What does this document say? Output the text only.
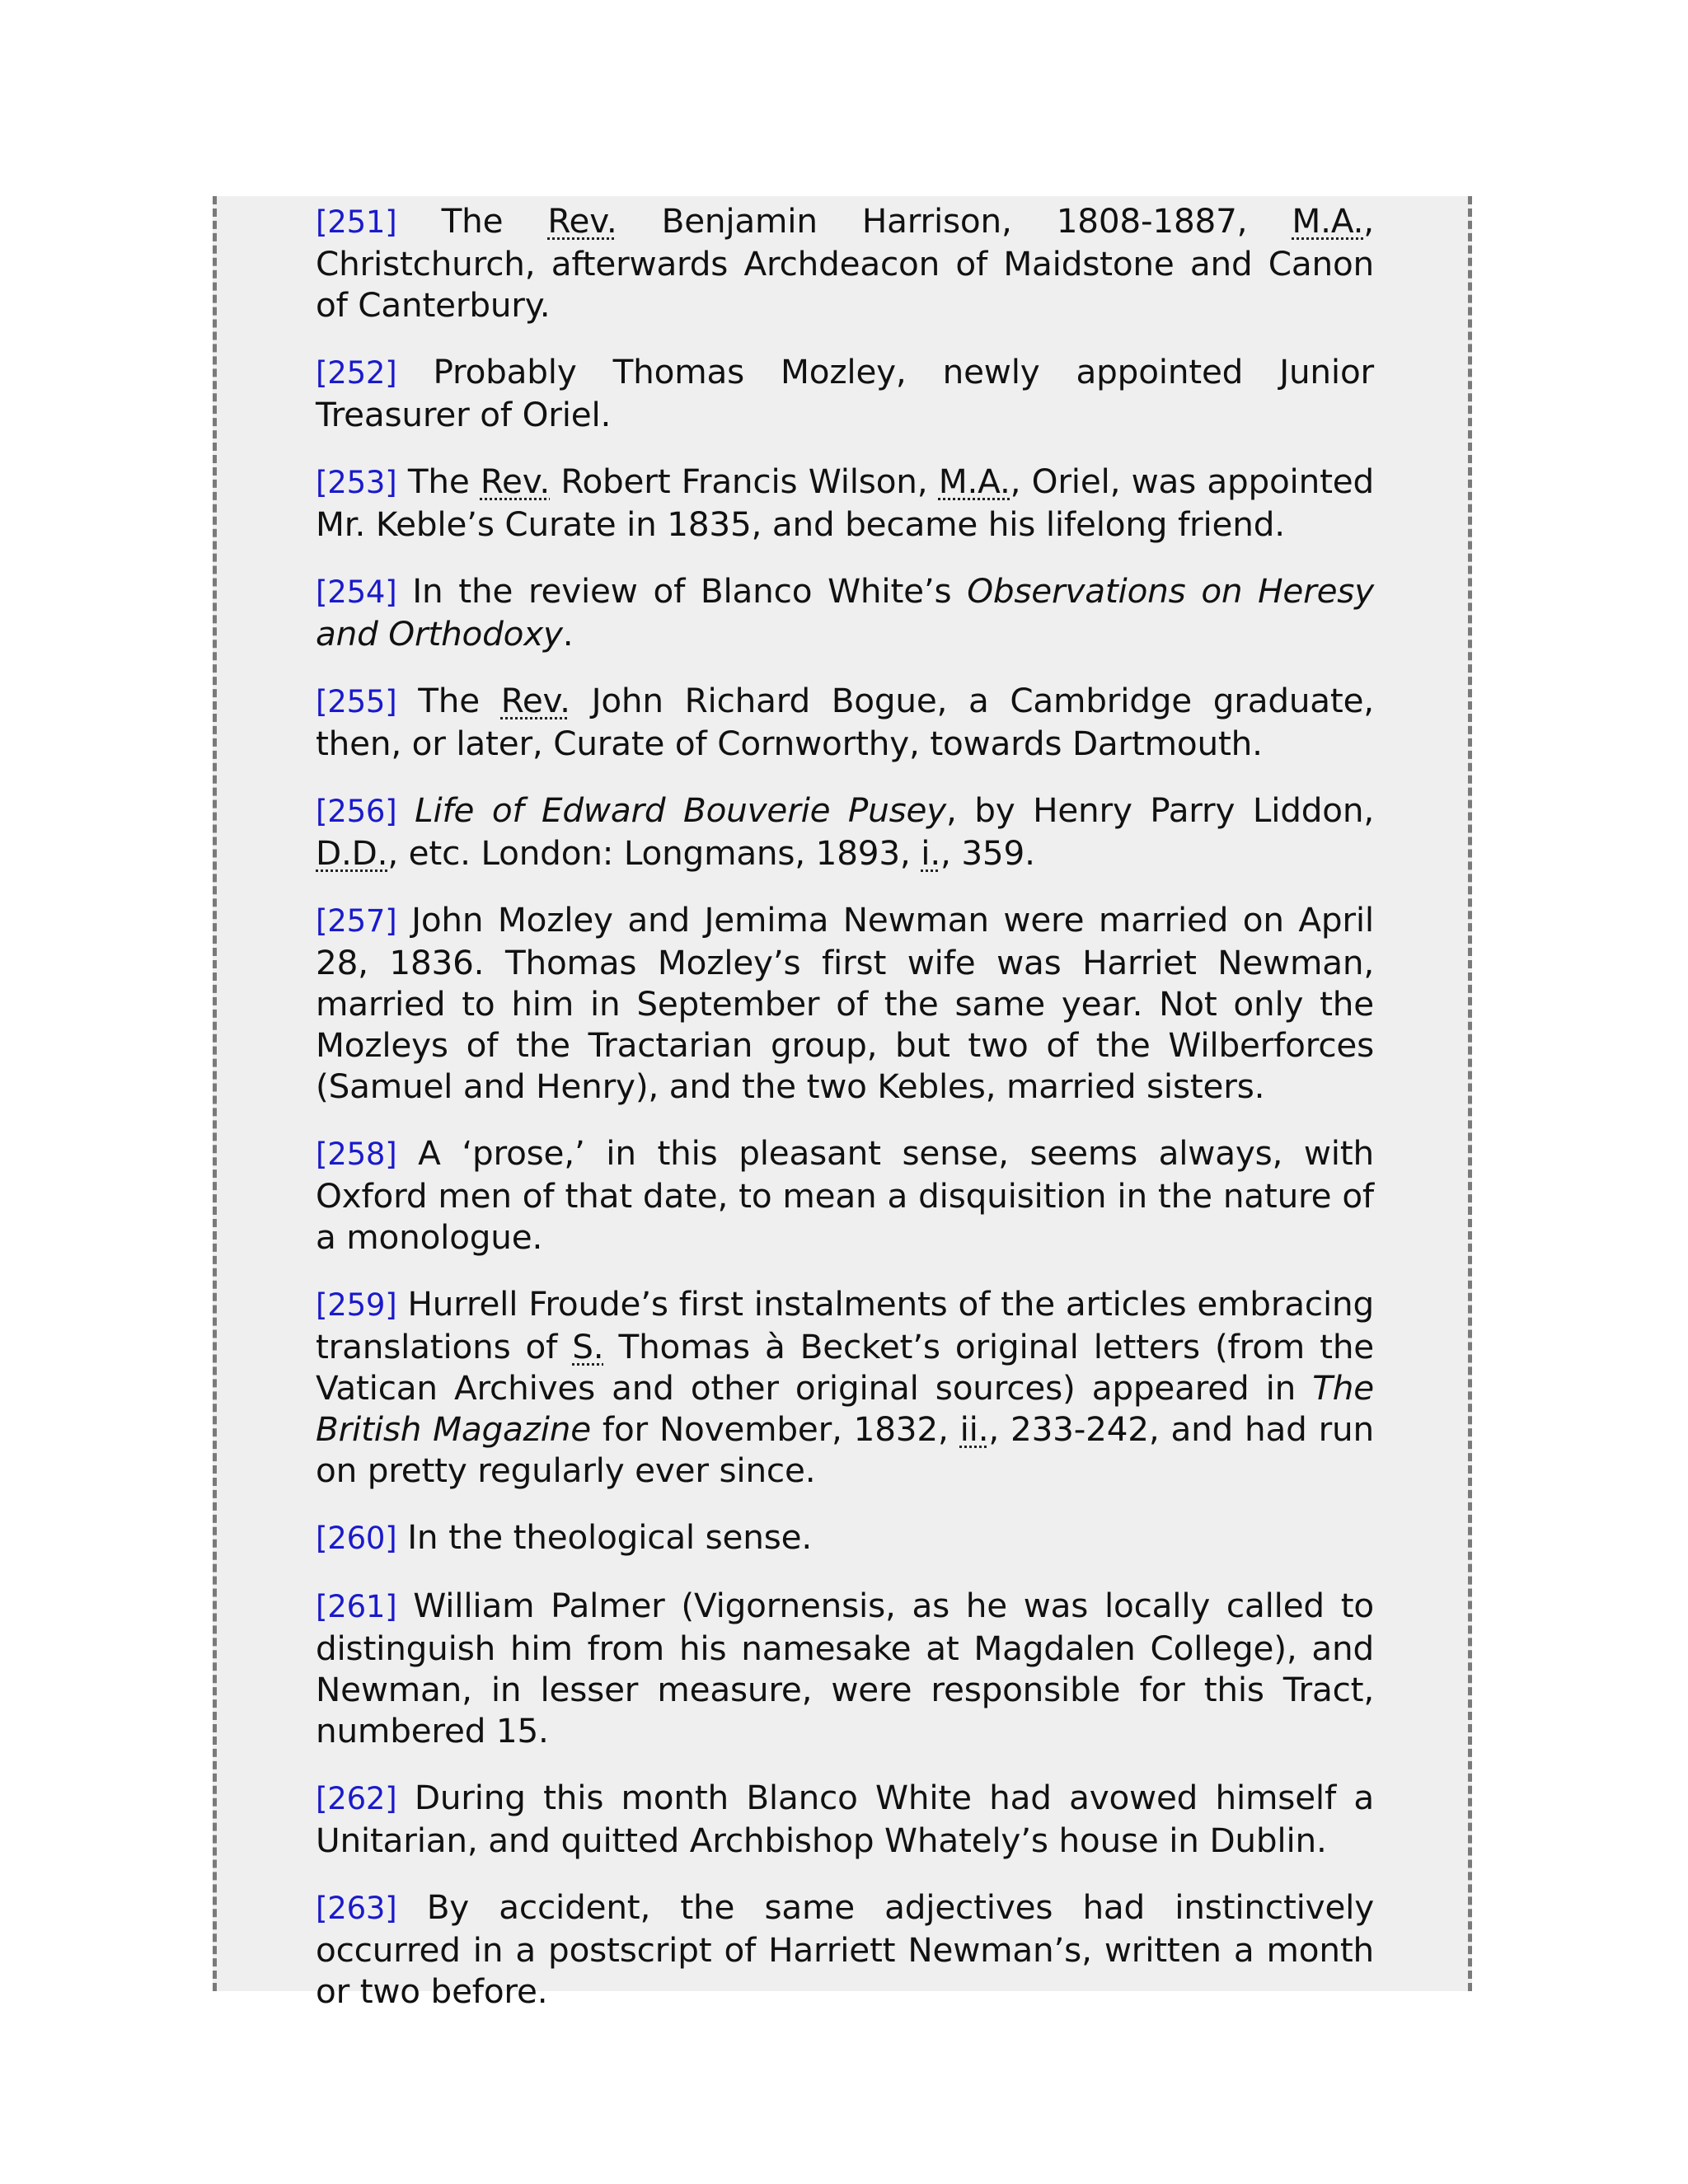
[251] The Rev. Benjamin Harrison, 1808-1887, M.A., Christchurch, afterwards Archdeacon of Maidstone and Canon of Canterbury.

[252] Probably Thomas Mozley, newly appointed Junior Treasurer of Oriel.

[253] The Rev. Robert Francis Wilson, M.A., Oriel, was appointed Mr. Keble’s Curate in 1835, and became his lifelong friend.

[254] In the review of Blanco White’s Observations on Heresy and Orthodoxy.

[255] The Rev. John Richard Bogue, a Cambridge graduate, then, or later, Curate of Cornworthy, towards Dartmouth.

[256] Life of Edward Bouverie Pusey, by Henry Parry Liddon, D.D., etc. London: Longmans, 1893, i., 359.

[257] John Mozley and Jemima Newman were married on April 28, 1836. Thomas Mozley’s first wife was Harriet Newman, married to him in September of the same year. Not only the Mozleys of the Tractarian group, but two of the Wilberforces (Samuel and Henry), and the two Kebles, married sisters.

[258] A ‘prose,’ in this pleasant sense, seems always, with Oxford men of that date, to mean a disquisition in the nature of a monologue.

[259] Hurrell Froude’s first instalments of the articles embracing translations of S. Thomas à Becket’s original letters (from the Vatican Archives and other original sources) appeared in The British Magazine for November, 1832, ii., 233-242, and had run on pretty regularly ever since.

[260] In the theological sense.

[261] William Palmer (Vigornensis, as he was locally called to distinguish him from his namesake at Magdalen College), and Newman, in lesser measure, were responsible for this Tract, numbered 15.

[262] During this month Blanco White had avowed himself a Unitarian, and quitted Archbishop Whately’s house in Dublin.

[263] By accident, the same adjectives had instinctively occurred in a postscript of Harriett Newman’s, written a month or two before.
